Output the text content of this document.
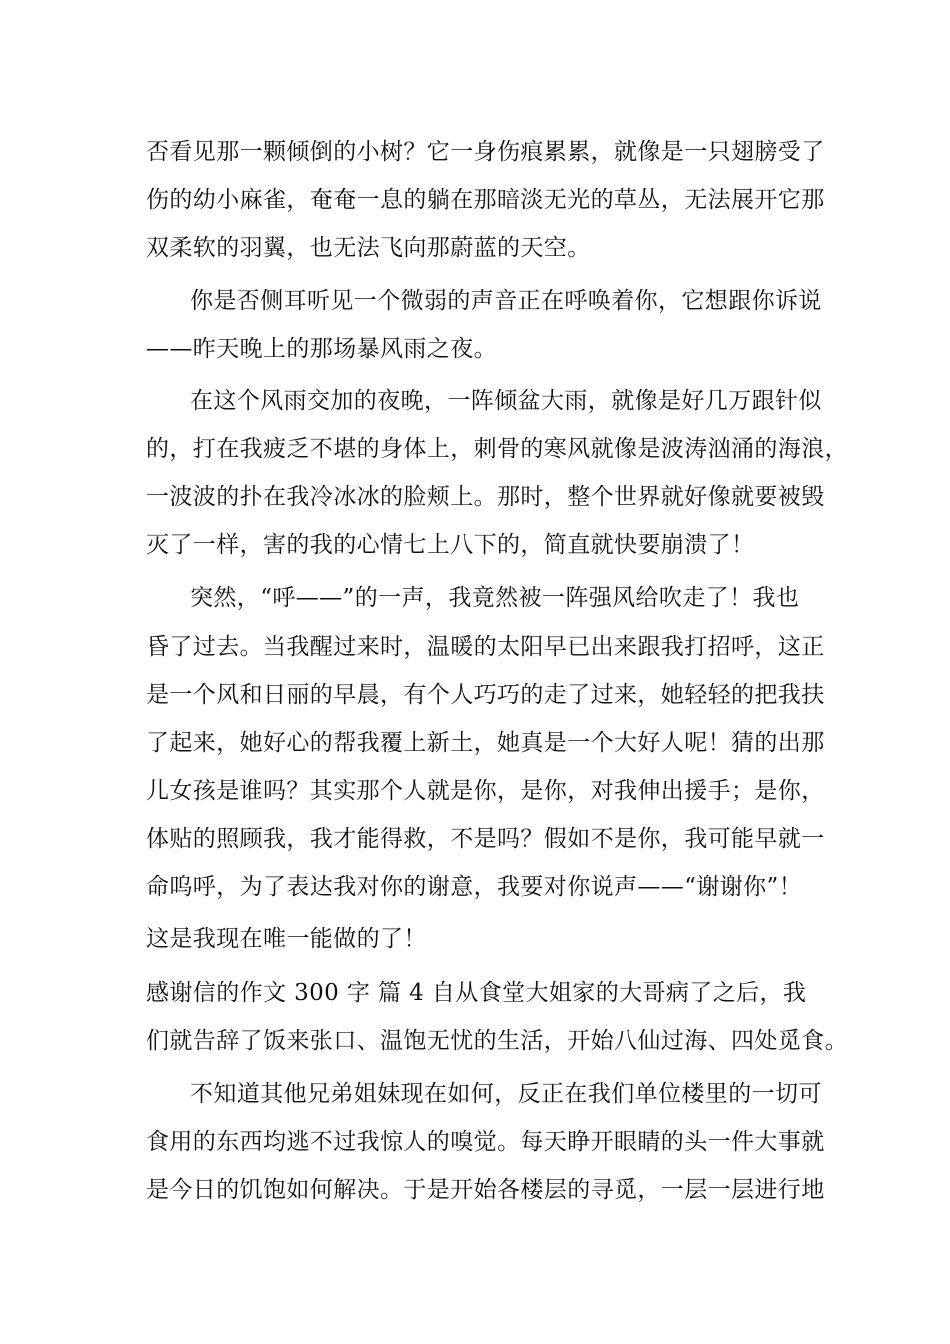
否看见那一颗倾倒的小树？它一身伤痕累累，就像是一只翅膀受了
伤的幼小麻雀，奄奄一息的躺在那暗淡无光的草丛，无法展开它那
双柔软的羽翼，也无法飞向那蔚蓝的天空。
你是否侧耳听见一个微弱的声音正在呼唤着你，它想跟你诉说
——昨天晚上的那场暴风雨之夜。
在这个风雨交加的夜晚，一阵倾盆大雨，就像是好几万跟针似
的，打在我疲乏不堪的身体上，刺骨的寒风就像是波涛汹涌的海浪，
一波波的扑在我冷冰冰的脸颊上。那时，整个世界就好像就要被毁
灭了一样，害的我的心情七上八下的，简直就快要崩溃了！
突然，“呼——”的一声，我竟然被一阵强风给吹走了！我也
昏了过去。当我醒过来时，温暖的太阳早已出来跟我打招呼，这正
是一个风和日丽的早晨，有个人巧巧的走了过来，她轻轻的把我扶
了起来，她好心的帮我覆上新土，她真是一个大好人呢！猜的出那
儿女孩是谁吗？其实那个人就是你，是你，对我伸出援手；是你，
体贴的照顾我，我才能得救，不是吗？假如不是你，我可能早就一
命呜呼，为了表达我对你的谢意，我要对你说声——“谢谢你”！
这是我现在唯一能做的了！
感谢信的作文 300 字 篇 4 自从食堂大姐家的大哥病了之后，我
们就告辞了饭来张口、温饱无忧的生活，开始八仙过海、四处觅食。
不知道其他兄弟姐妹现在如何，反正在我们单位楼里的一切可
食用的东西均逃不过我惊人的嗅觉。每天睁开眼睛的头一件大事就
是今日的饥饱如何解决。于是开始各楼层的寻觅，一层一层进行地
